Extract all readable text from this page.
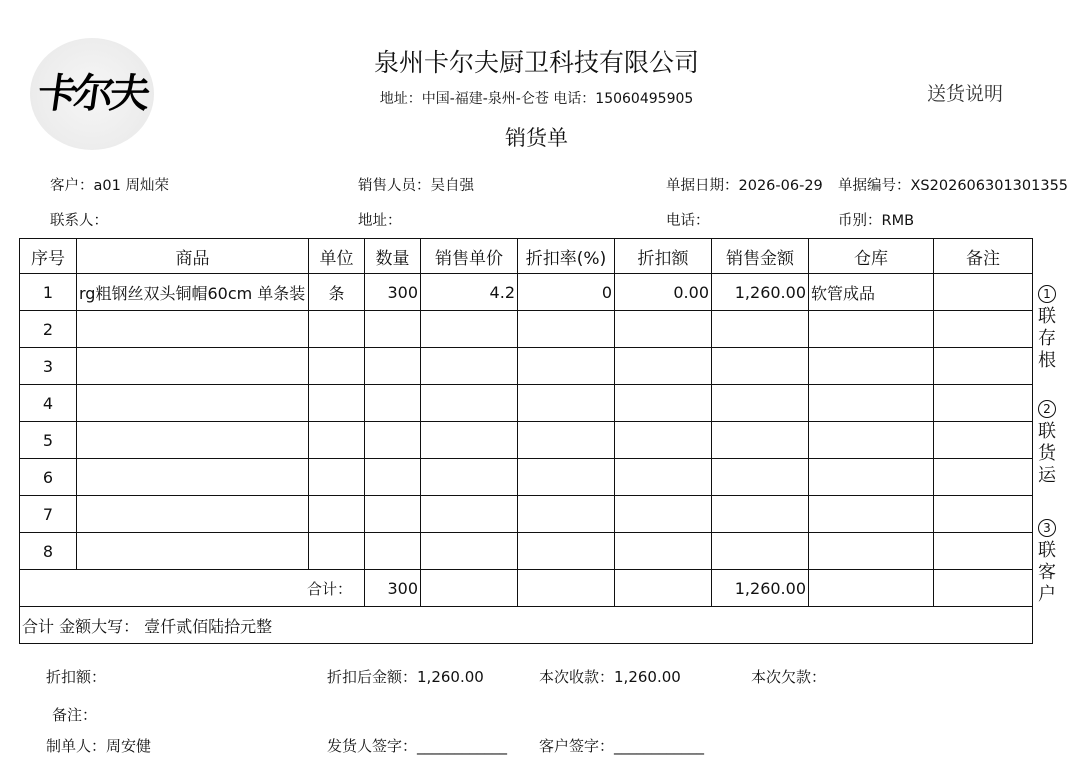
卡尔夫
泉州卡尔夫厨卫科技有限公司
地址：中国-福建-泉州-仑苍 电话：15060495905
销货单
送货说明
客户：a01 周灿荣	销售人员：吴自强	单据日期：2026-06-29 单据编号：XS202606301301355
联系人：	地址：	电话：	币别：RMB
序号	商品	单位	数量	销售单价	折扣率(%)	折扣额	销售金额	仓库	备注
1	rg粗钢丝双头铜帽60cm 单条装	条	300	4.2	0	0.00	1,260.00	软管成品	
2									
3									
4									
5									
6									
7									
8									
合计：			300				1,260.00		
合计 金额大写： 壹仟贰佰陆拾元整									
1
联存根
2
联货运
3
联客户
折扣额：	折扣后金额：1,260.00	本次收款：1,260.00	本次欠款：
备注：
制单人：周安健	发货人签字：____________ 客户签字：____________
